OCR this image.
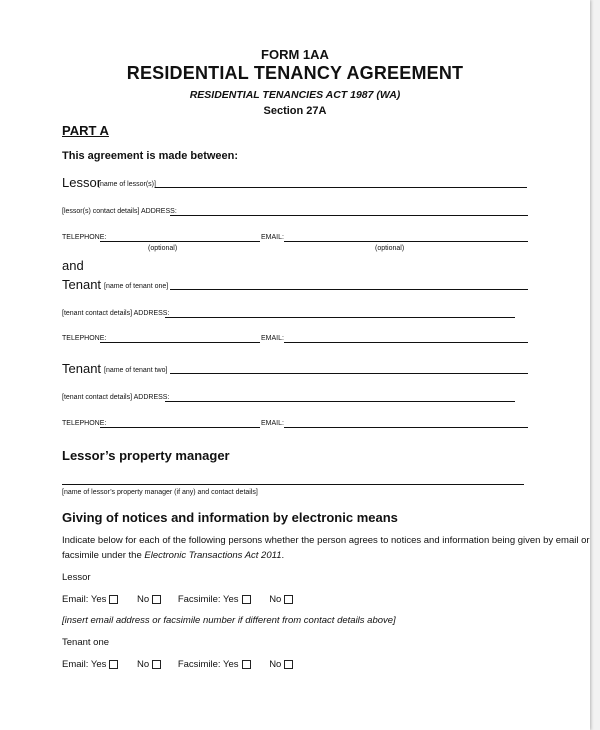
FORM 1AA
RESIDENTIAL TENANCY AGREEMENT
RESIDENTIAL TENANCIES ACT 1987 (WA)
Section 27A
PART A
This agreement is made between:
Lessor
[name of lessor(s)]
[lessor(s) contact details] ADDRESS:
TELEPHONE:	EMAIL:
(optional)	(optional)
and
Tenant [name of tenant one]
[tenant contact details] ADDRESS:
TELEPHONE:	EMAIL:
Tenant [name of tenant two]
[tenant contact details] ADDRESS:
TELEPHONE:	EMAIL:
Lessor’s property manager
[name of lessor’s property manager (if any) and contact details]
Giving of notices and information by electronic means
Indicate below for each of the following persons whether the person agrees to notices and information being given by email or
facsimile under the Electronic Transactions Act 2011.
Lessor
Email: Yes	No	Facsimile: Yes	No
[insert email address or facsimile number if different from contact details above]
Tenant one
Email: Yes	No	Facsimile: Yes	No
